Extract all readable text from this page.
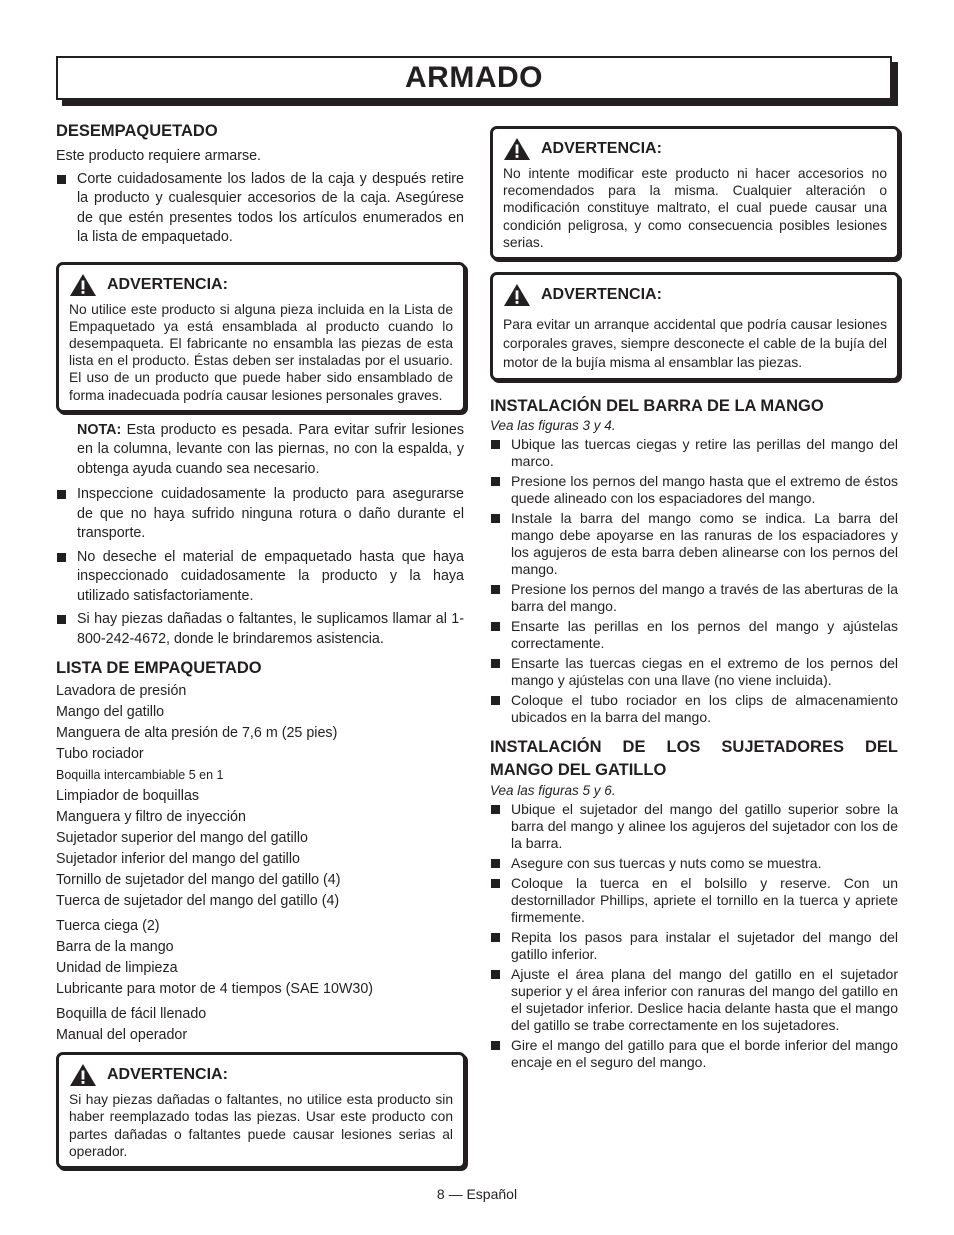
ARMADO
DESEMPAQUETADO

Este producto requiere armarse.

Corte cuidadosamente los lados de la caja y después retire la producto y cualesquier accesorios de la caja. Asegúrese de que estén presentes todos los artículos enumerados en la lista de empaquetado.
ADVERTENCIA:

No utilice este producto si alguna pieza incluida en la Lista de Empaquetado ya está ensamblada al producto cuando lo desempaqueta. El fabricante no ensambla las piezas de esta lista en el producto. Éstas deben ser instaladas por el usuario. El uso de un producto que puede haber sido ensamblado de forma inadecuada podría causar lesiones personales graves.

NOTA: Esta producto es pesada. Para evitar sufrir lesiones en la columna, levante con las piernas, no con la espalda, y obtenga ayuda cuando sea necesario.

Inspeccione cuidadosamente la producto para asegurarse de que no haya sufrido ninguna rotura o daño durante el transporte.
No deseche el material de empaquetado hasta que haya inspeccionado cuidadosamente la producto y la haya utilizado satisfactoriamente.
Si hay piezas dañadas o faltantes, le suplicamos llamar al 1-800-242-4672, donde le brindaremos asistencia.
LISTA DE EMPAQUETADO
Lavadora de presión
Mango del gatillo
Manguera de alta presión de 7,6 m (25 pies)
Tubo rociador
Boquilla intercambiable 5 en 1
Limpiador de boquillas
Manguera y filtro de inyección
Sujetador superior del mango del gatillo
Sujetador inferior del mango del gatillo
Tornillo de sujetador del mango del gatillo (4)
Tuerca de sujetador del mango del gatillo (4)
Tuerca ciega (2)
Barra de la mango
Unidad de limpieza
Lubricante para motor de 4 tiempos (SAE 10W30)
Boquilla de fácil llenado
Manual del operador
ADVERTENCIA:

Si hay piezas dañadas o faltantes, no utilice esta producto sin haber reemplazado todas las piezas. Usar este producto con partes dañadas o faltantes puede causar lesiones serias al operador.

ADVERTENCIA:

No intente modificar este producto ni hacer accesorios no recomendados para la misma. Cualquier alteración o modificación constituye maltrato, el cual puede causar una condición peligrosa, y como consecuencia posibles lesiones serias.

ADVERTENCIA:

Para evitar un arranque accidental que podría causar lesiones corporales graves, siempre desconecte el cable de la bujía del motor de la bujía misma al ensamblar las piezas.

INSTALACIÓN DEL BARRA DE LA MANGO

Vea las figuras 3 y 4.

Ubique las tuercas ciegas y retire las perillas del mango del marco.
Presione los pernos del mango hasta que el extremo de éstos quede alineado con los espaciadores del mango.
Instale la barra del mango como se indica. La barra del mango debe apoyarse en las ranuras de los espaciadores y los agujeros de esta barra deben alinearse con los pernos del mango.
Presione los pernos del mango a través de las aberturas de la barra del mango.
Ensarte las perillas en los pernos del mango y ajústelas correctamente.
Ensarte las tuercas ciegas en el extremo de los pernos del mango y ajústelas con una llave (no viene incluida).
Coloque el tubo rociador en los clips de almacenamiento ubicados en la barra del mango.
INSTALACIÓN DE LOS SUJETADORES DEL MANGO DEL GATILLO

Vea las figuras 5 y 6.

Ubique el sujetador del mango del gatillo superior sobre la barra del mango y alinee los agujeros del sujetador con los de la barra.
Asegure con sus tuercas y nuts como se muestra.
Coloque la tuerca en el bolsillo y reserve. Con un destornillador Phillips, apriete el tornillo en la tuerca y apriete firmemente.
Repita los pasos para instalar el sujetador del mango del gatillo inferior.
Ajuste el área plana del mango del gatillo en el sujetador superior y el área inferior con ranuras del mango del gatillo en el sujetador inferior. Deslice hacia delante hasta que el mango del gatillo se trabe correctamente en los sujetadores.
Gire el mango del gatillo para que el borde inferior del mango encaje en el seguro del mango.
8 — Español
